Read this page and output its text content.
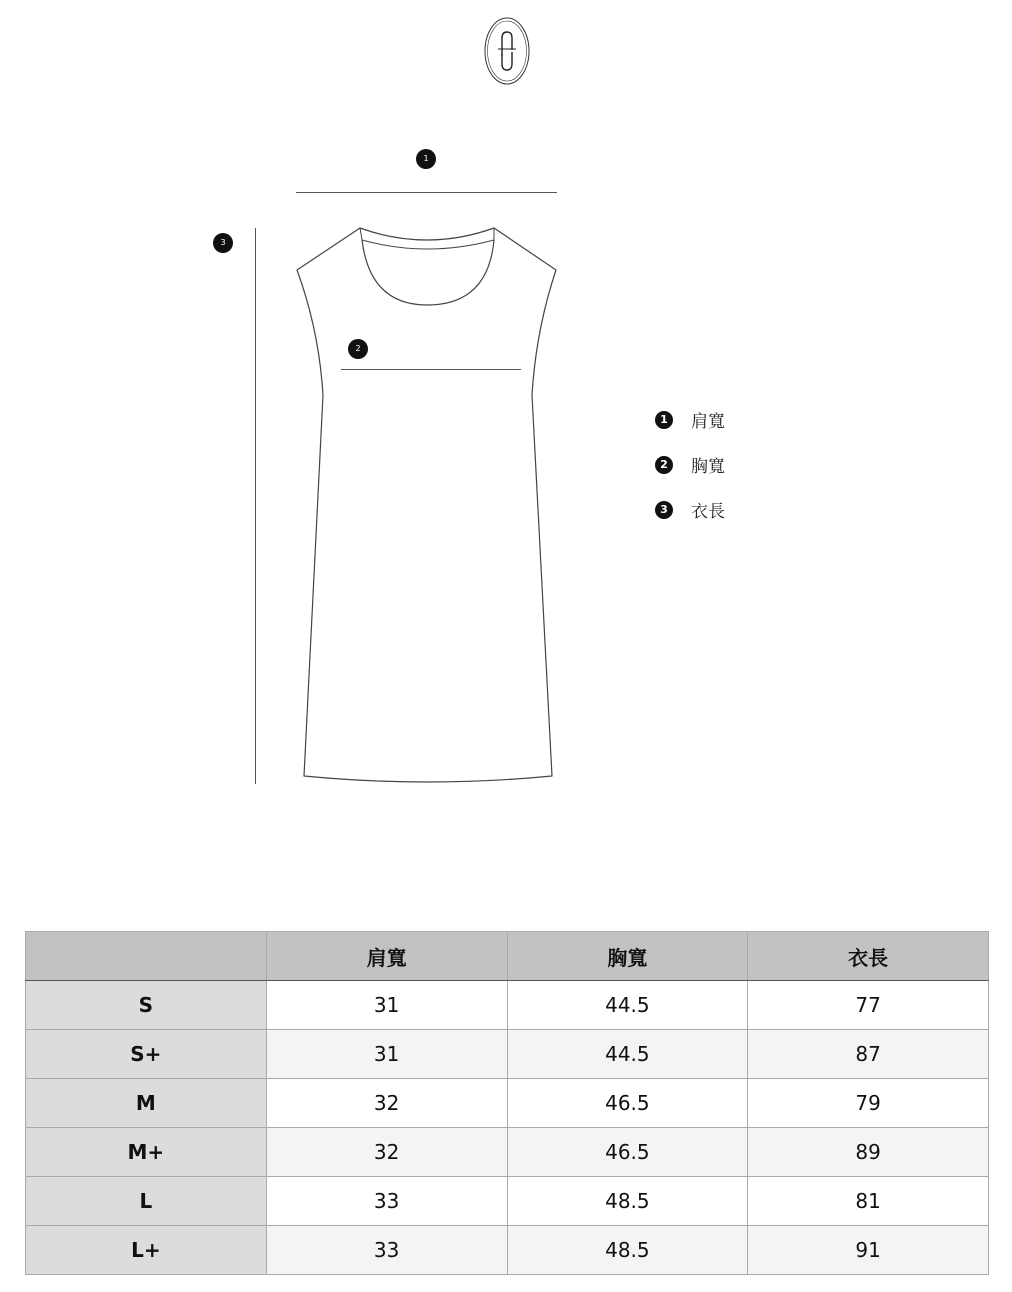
1
2
3
1	肩寬
2	胸寬
3	衣長
	肩寬	胸寬	衣長
S	31	44.5	77
S+	31	44.5	87
M	32	46.5	79
M+	32	46.5	89
L	33	48.5	81
L+	33	48.5	91
